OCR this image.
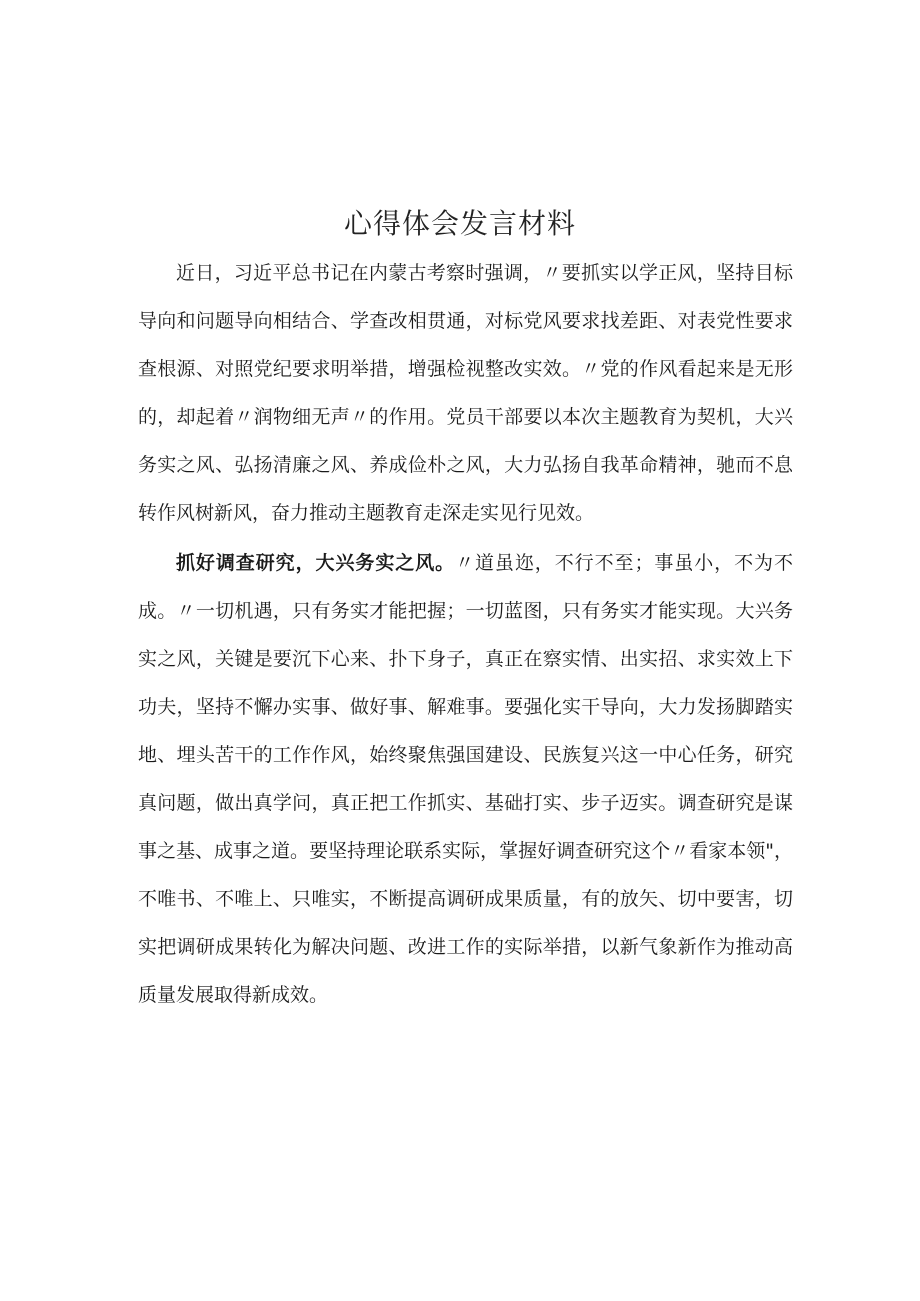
心得体会发言材料

近日，习近平总书记在内蒙古考察时强调，〃要抓实以学正风，坚持目标导向和问题导向相结合、学查改相贯通，对标党风要求找差距、对表党性要求查根源、对照党纪要求明举措，增强检视整改实效。〃党的作风看起来是无形的，却起着〃润物细无声〃的作用。党员干部要以本次主题教育为契机，大兴务实之风、弘扬清廉之风、养成俭朴之风，大力弘扬自我革命精神，驰而不息转作风树新风，奋力推动主题教育走深走实见行见效。

抓好调查研究，大兴务实之风。〃道虽迩，不行不至；事虽小，不为不成。〃一切机遇，只有务实才能把握；一切蓝图，只有务实才能实现。大兴务实之风，关键是要沉下心来、扑下身子，真正在察实情、出实招、求实效上下功夫，坚持不懈办实事、做好事、解难事。要强化实干导向，大力发扬脚踏实地、埋头苦干的工作作风，始终聚焦强国建设、民族复兴这一中心任务，研究真问题，做出真学问，真正把工作抓实、基础打实、步子迈实。调查研究是谋事之基、成事之道。要坚持理论联系实际，掌握好调查研究这个〃看家本领"，不唯书、不唯上、只唯实，不断提高调研成果质量，有的放矢、切中要害，切实把调研成果转化为解决问题、改进工作的实际举措，以新气象新作为推动高质量发展取得新成效。
